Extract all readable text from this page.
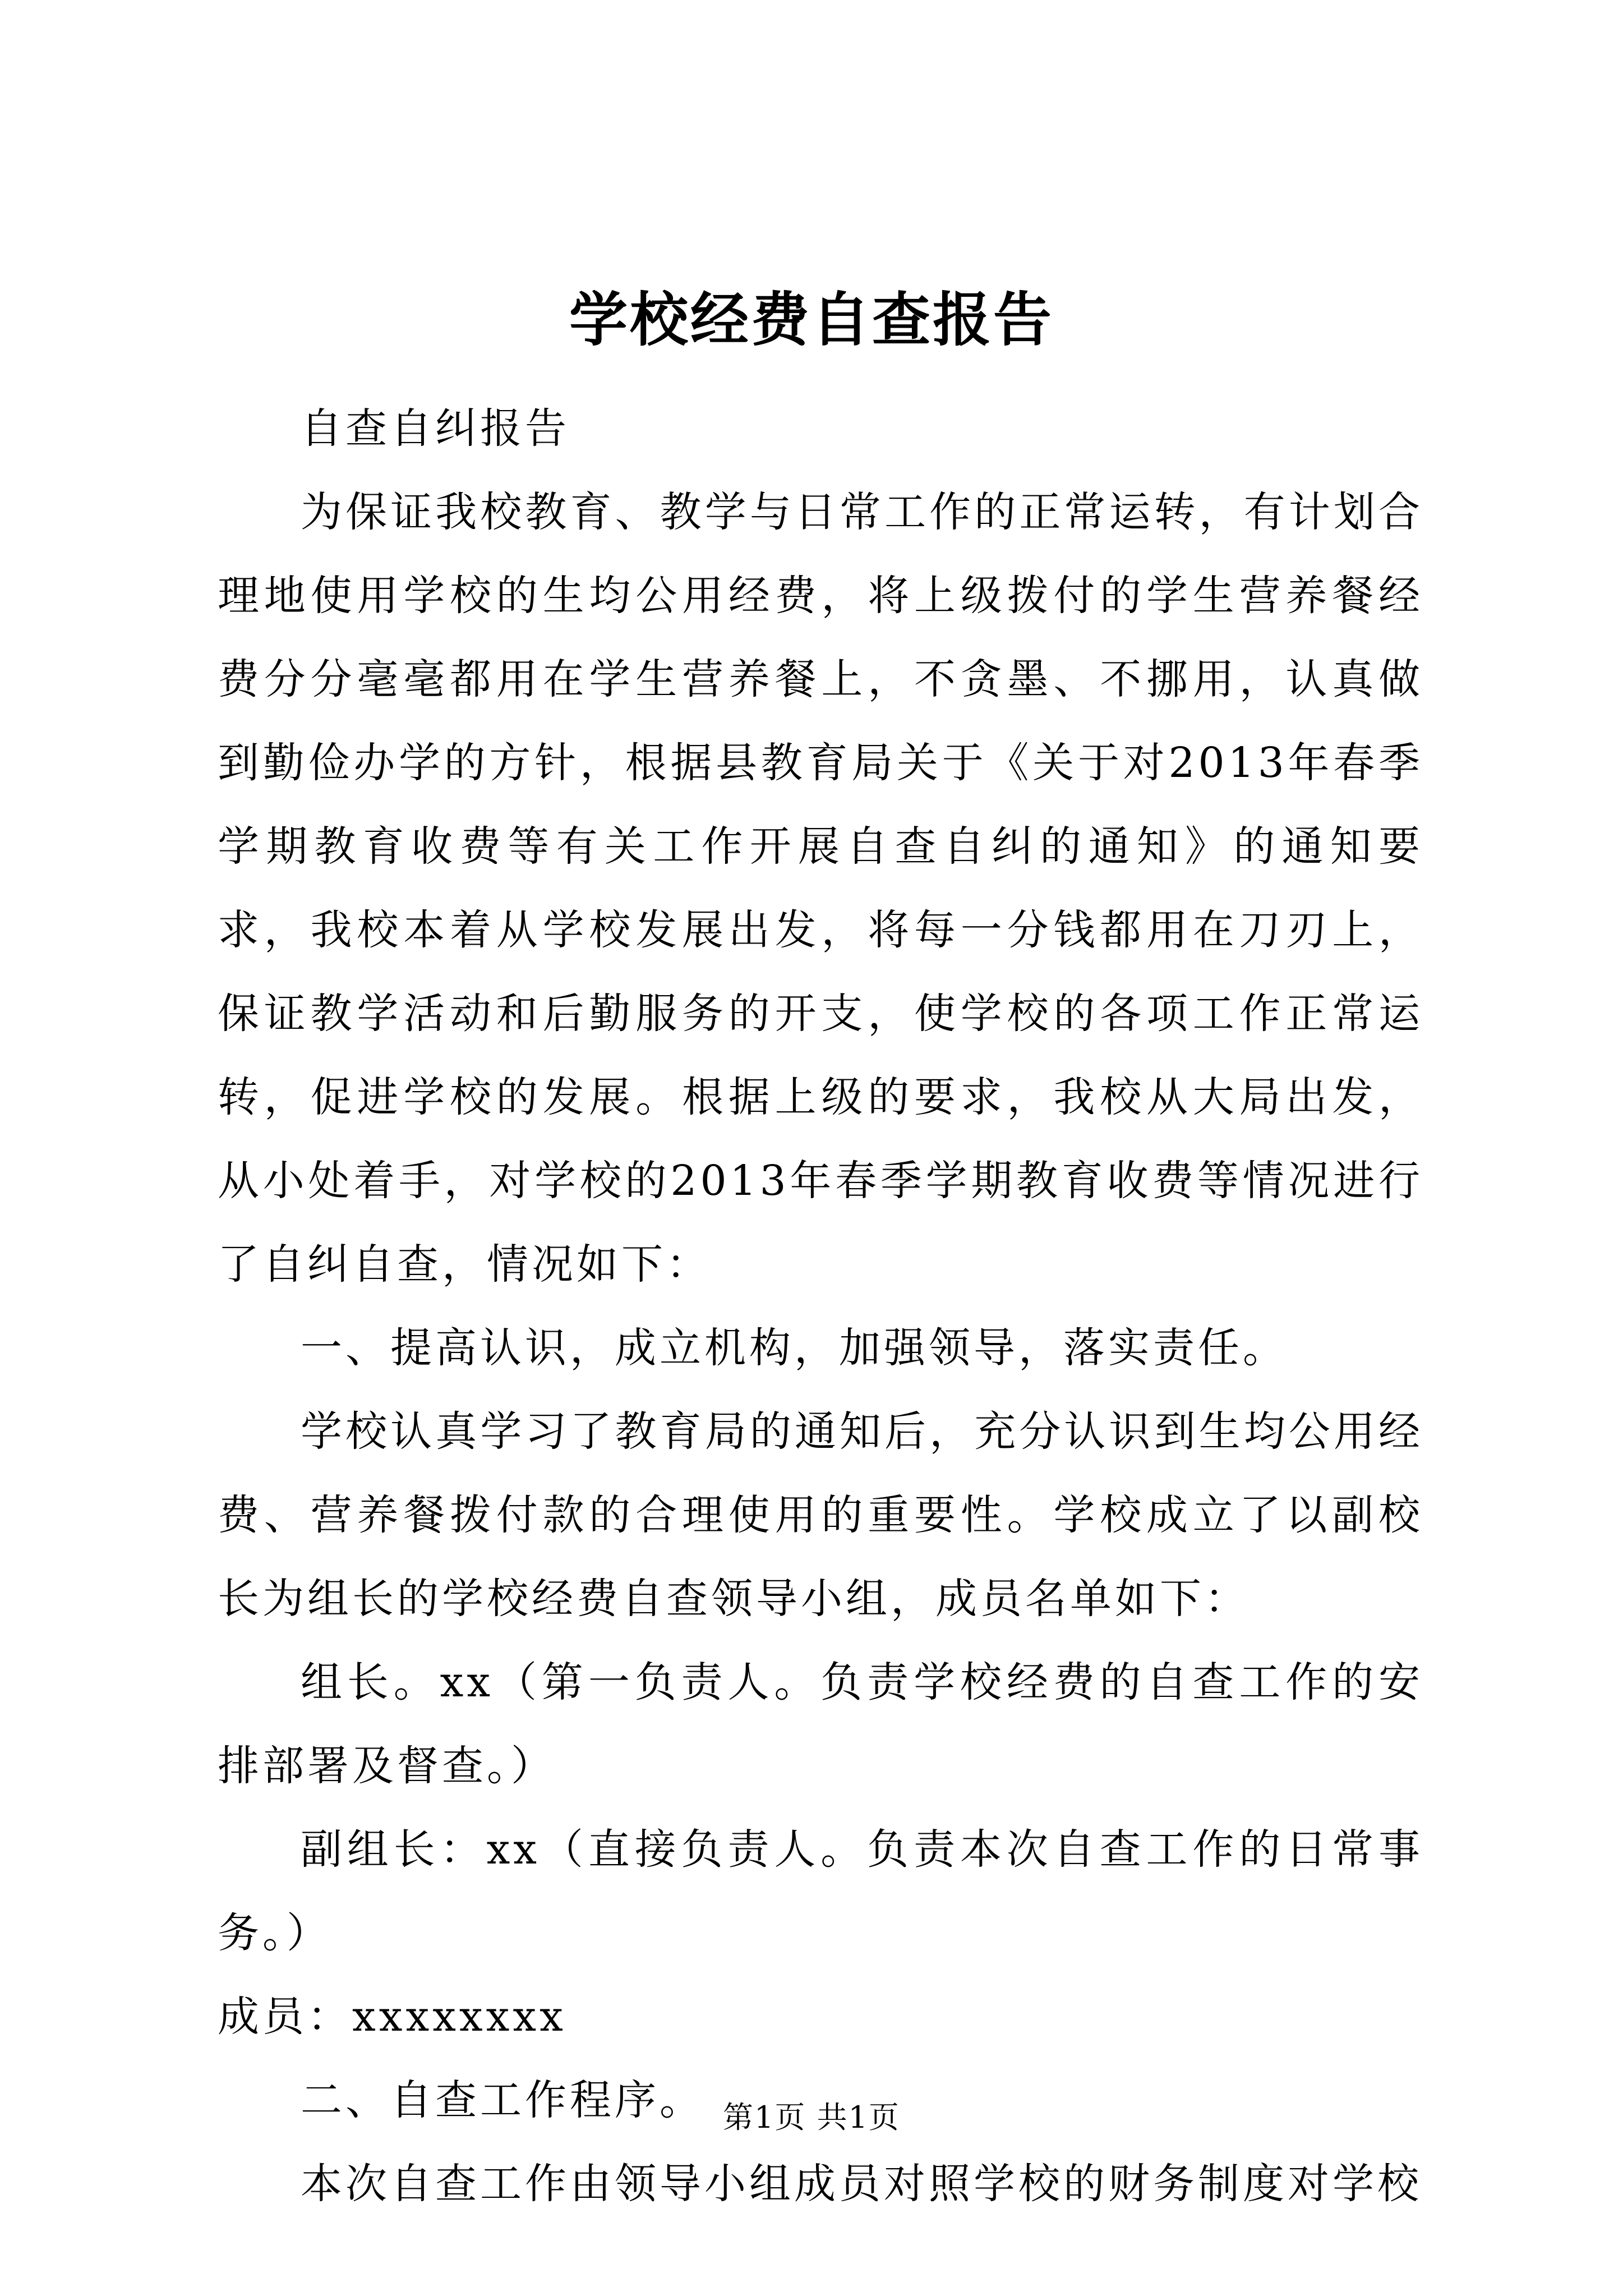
学校经费自查报告

自查自纠报告

为保证我校教育、教学与日常工作的正常运转，有计划合理地使用学校的生均公用经费，将上级拨付的学生营养餐经费分分毫毫都用在学生营养餐上，不贪墨、不挪用，认真做到勤俭办学的方针，根据县教育局关于《关于对2013年春季学期教育收费等有关工作开展自查自纠的通知》的通知要求，我校本着从学校发展出发，将每一分钱都用在刀刃上，保证教学活动和后勤服务的开支，使学校的各项工作正常运转，促进学校的发展。根据上级的要求，我校从大局出发，从小处着手，对学校的2013年春季学期教育收费等情况进行了自纠自查，情况如下：

一、提高认识，成立机构，加强领导，落实责任。

学校认真学习了教育局的通知后，充分认识到生均公用经费、营养餐拨付款的合理使用的重要性。学校成立了以副校长为组长的学校经费自查领导小组，成员名单如下：

组长。xx（第一负责人。负责学校经费的自查工作的安排部署及督查。）

副组长：xx（直接负责人。负责本次自查工作的日常事务。）

成员：xxxxxxxx

二、自查工作程序。

本次自查工作由领导小组成员对照学校的财务制度对学校

第1页 共1页
